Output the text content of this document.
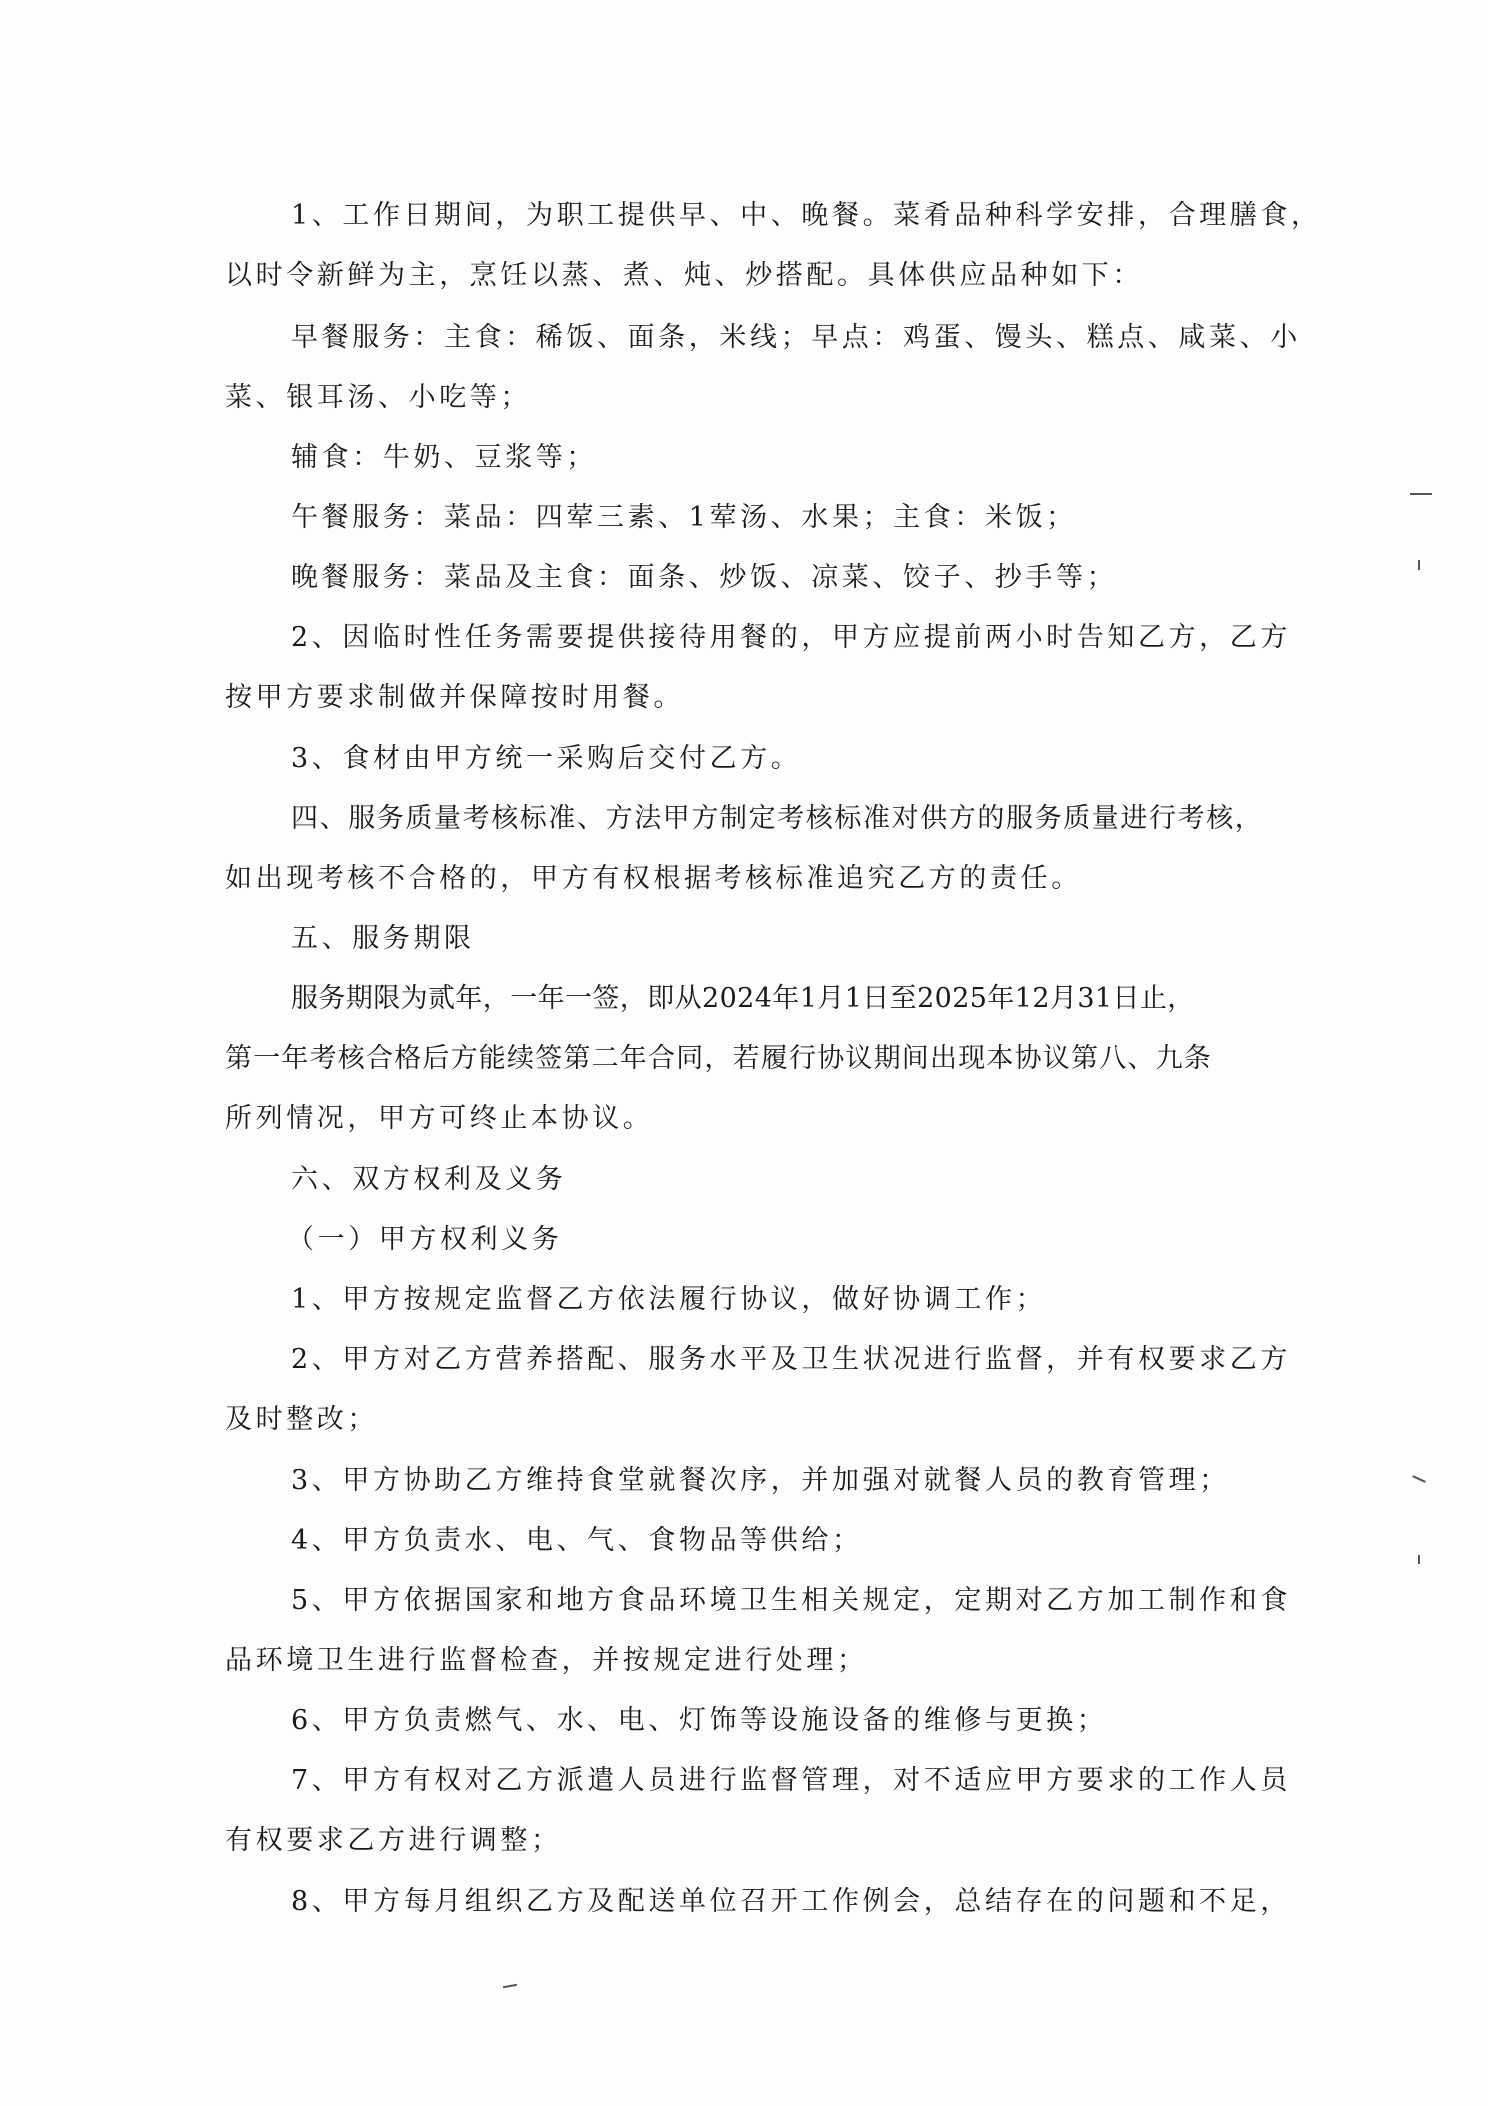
1、工作日期间，为职工提供早、中、晚餐。菜肴品种科学安排，合理膳食，
以时令新鲜为主，烹饪以蒸、煮、炖、炒搭配。具体供应品种如下：
早餐服务：主食：稀饭、面条，米线；早点：鸡蛋、馒头、糕点、咸菜、小
菜、银耳汤、小吃等；
辅食：牛奶、豆浆等；
午餐服务：菜品：四荤三素、1荤汤、水果；主食：米饭；
晚餐服务：菜品及主食：面条、炒饭、凉菜、饺子、抄手等；
2、因临时性任务需要提供接待用餐的，甲方应提前两小时告知乙方，乙方
按甲方要求制做并保障按时用餐。
3、食材由甲方统一采购后交付乙方。
四、服务质量考核标准、方法甲方制定考核标准对供方的服务质量进行考核，
如出现考核不合格的，甲方有权根据考核标准追究乙方的责任。
五、服务期限
服务期限为贰年，一年一签，即从2024年1月1日至2025年12月31日止，
第一年考核合格后方能续签第二年合同，若履行协议期间出现本协议第八、九条
所列情况，甲方可终止本协议。
六、双方权利及义务
（一）甲方权利义务
1、甲方按规定监督乙方依法履行协议，做好协调工作；
2、甲方对乙方营养搭配、服务水平及卫生状况进行监督，并有权要求乙方
及时整改；
3、甲方协助乙方维持食堂就餐次序，并加强对就餐人员的教育管理；
4、甲方负责水、电、气、食物品等供给；
5、甲方依据国家和地方食品环境卫生相关规定，定期对乙方加工制作和食
品环境卫生进行监督检查，并按规定进行处理；
6、甲方负责燃气、水、电、灯饰等设施设备的维修与更换；
7、甲方有权对乙方派遣人员进行监督管理，对不适应甲方要求的工作人员
有权要求乙方进行调整；
8、甲方每月组织乙方及配送单位召开工作例会，总结存在的问题和不足，
